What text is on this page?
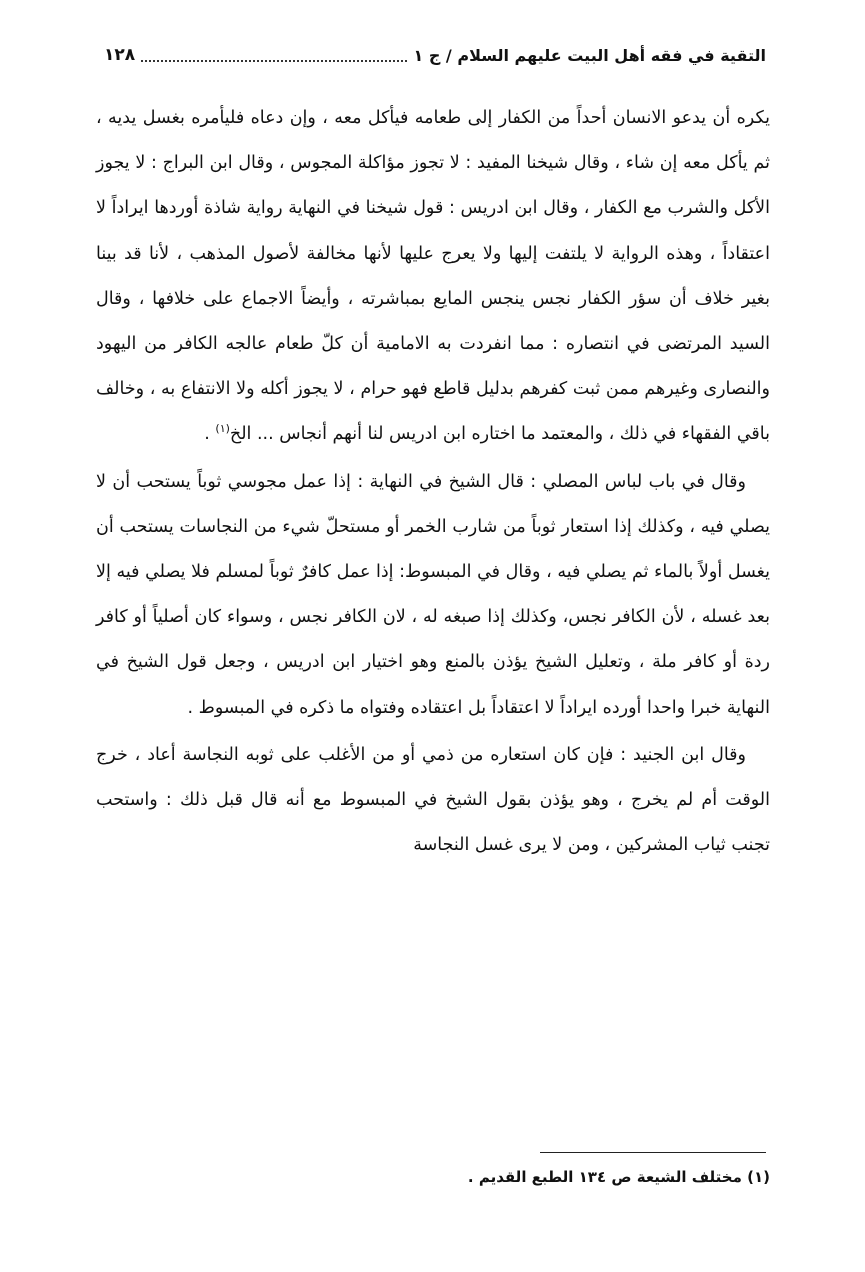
التقية في فقه أهل البيت عليهم السلام / ج ١
١٢٨

يكره أن يدعو الانسان أحداً من الكفار إلى طعامه فيأكل معه ، وإن دعاه فليأمره بغسل يديه ، ثم يأكل معه إن شاء ، وقال شيخنا المفيد : لا تجوز مؤاكلة المجوس ، وقال ابن البراج : لا يجوز الأكل والشرب مع الكفار ، وقال ابن ادريس : قول شيخنا في النهاية رواية شاذة أوردها ايراداً لا اعتقاداً ، وهذه الرواية لا يلتفت إليها ولا يعرج عليها لأنها مخالفة لأصول المذهب ، لأنا قد بينا بغير خلاف أن سؤر الكفار نجس ينجس المايع بمباشرته ، وأيضاً الاجماع على خلافها ، وقال السيد المرتضى في انتصاره : مما انفردت به الامامية أن كلّ طعام عالجه الكافر من اليهود والنصارى وغيرهم ممن ثبت كفرهم بدليل قاطع فهو حرام ، لا يجوز أكله ولا الانتفاع به ، وخالف باقي الفقهاء في ذلك ، والمعتمد ما اختاره ابن ادريس لنا أنهم أنجاس ... الخ$^{(١)}$ .

وقال في باب لباس المصلي : قال الشيخ في النهاية : إذا عمل مجوسي ثوباً يستحب أن لا يصلي فيه ، وكذلك إذا استعار ثوباً من شارب الخمر أو مستحلّ شيء من النجاسات يستحب أن يغسل أولاً بالماء ثم يصلي فيه ، وقال في المبسوط: إذا عمل كافرٌ ثوباً لمسلم فلا يصلي فيه إلا بعد غسله ، لأن الكافر نجس، وكذلك إذا صبغه له ، لان الكافر نجس ، وسواء كان أصلياً أو كافر ردة أو كافر ملة ، وتعليل الشيخ يؤذن بالمنع وهو اختيار ابن ادريس ، وجعل قول الشيخ في النهاية خبرا واحدا أورده ايراداً لا اعتقاداً بل اعتقاده وفتواه ما ذكره في المبسوط .

وقال ابن الجنيد : فإن كان استعاره من ذمي أو من الأغلب على ثوبه النجاسة أعاد ، خرج الوقت أم لم يخرج ، وهو يؤذن بقول الشيخ في المبسوط مع أنه قال قبل ذلك : واستحب تجنب ثياب المشركين ، ومن لا يرى غسل النجاسة

(١) مختلف الشيعة ص ١٣٤ الطبع القديم .
